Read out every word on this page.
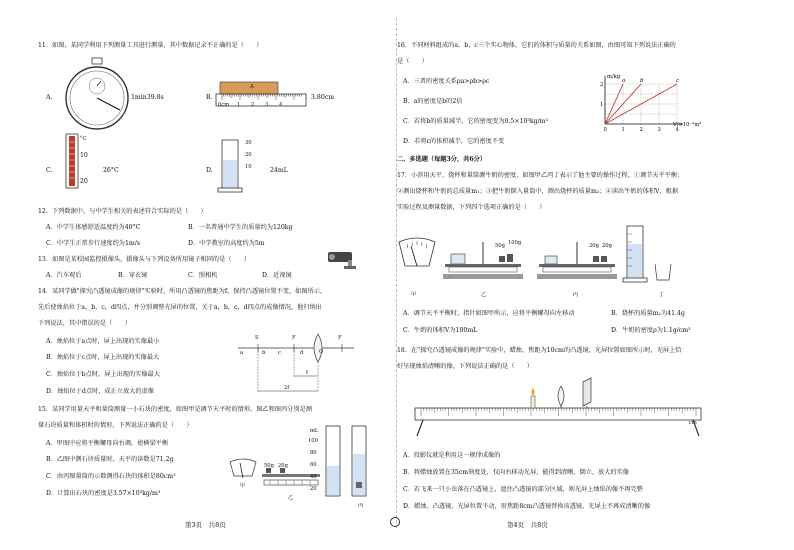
11．如图，某同学利用下列测量工具进行测量，其中数据记录不正确的是（　　）
A.	1min39.8s	B.
A
0cm 1 2 3 4
3.80cm
C.
°C
10
20
26°C	D.
30
20
10	24mL
12．下列数据中，与中学生相关的表述符合实际的是（　　）
A．中学生体感舒适温度约为40°C	B．一名普通中学生的质量约为120kg
C．中学生正常步行速度约为1m/s	D．中学教室的高度约为5m
13．如图是某校园监控摄像头，摄像头与下列设备所用镜子相同的是（　　）
A．汽车观后	B．穿衣镜	C．照相机	D．近视镜
14．某同学做"探究凸透镜成像的规律"实验时，所用凸透镜的焦距为f，保持凸透镜位置不变，如图所示，
先后使烛焰位于a，b，c，d四点，并分别调整光屏的位置，关于a，b，c，d四点的成像情况，他归纳出
下列说法，其中错误的是（　　）
A．烛焰位于a点时，屏上出现的实像最小
B．烛焰位于c点时，屏上出现的实像最大
C．烛焰位于b点时，屏上出现的实像最大
D．烛焰位于d点时，成正立放大的虚像
S	F
O
F
a	b c	d
f
2f
15．某同学用量天平和量筒测量一小石块的密度，如图甲是调节天平时的情形，图乙和图丙分别是测
量石块质量和体积时的情形，下列说法正确的是（　　）
A．甲图中应将平衡螺母向右调，使横梁平衡
B．乙图中测石块质量时，天平的读数是71.2g
C．由丙图量筒的示数测得石块的体积是80cm³
D．计算出石块的密度是3.57×10³kg/m³
甲
50g 20g
乙
mL
100
80
60
40
20
丙
第3页　共8页
16．不同材料组成的a、b、c三个实心物体，它们的体积与质量的关系如图，由图可知下列说法正确的
是（　　）
A．三者的密度关系ρa>ρb>ρc
B．a的密度是b的2倍
C．若将b的质量减半，它的密度变为0.5×10³kg/m³
D．若将c的体积减半，它的密度不变
a	b	c
0	1	2	3	4
1
2
m/kg
V/×10⁻³m³
二、多选题（每题3分，共6分）
17．小滨用天平、烧杯和量筒测牛奶的密度，如图甲乙丙丁表示了他主要的操作过程，①调节天平平衡；
②测出烧杯和牛奶的总质量m₁；③把牛奶倒入量筒中，测出烧杯的质量m₂；④读出牛奶的体积V，根据
实验过程及测量数据，下列四个选项正确的是（　　）
甲
50g 100g
乙
20g 20g
丙	丁
A．调节天平平衡时，指针如图甲所示，应将平衡螺母向左移动	B．烧杯的质量m₂为41.4g
C．牛奶的体积V为100mL	D．牛奶的密度ρ为1.1g/cm³
18．在"探究凸透镜成像的规律"实验中，蜡烛、焦距为10cm的凸透镜、光屏位置如图所示时，光屏上恰
好呈现烛焰清晰的像，下列说法正确的是（　　）
cm
A．投影仪就是利用这一规律成像的
B．将蜡烛放置在35cm刻度处，仅向右移动光屏，能得到清晰、倒立、放大的实像
C．若飞来一只小虫落在凸透镜上，遮住凸透镜的部分区域，则光屏上烛焰的像不再完整
D．蜡烛、凸透镜、光屏位置不动，用焦距8cm凸透镜替换该透镜，光屏上不再成清晰的像
第4页　共8页
